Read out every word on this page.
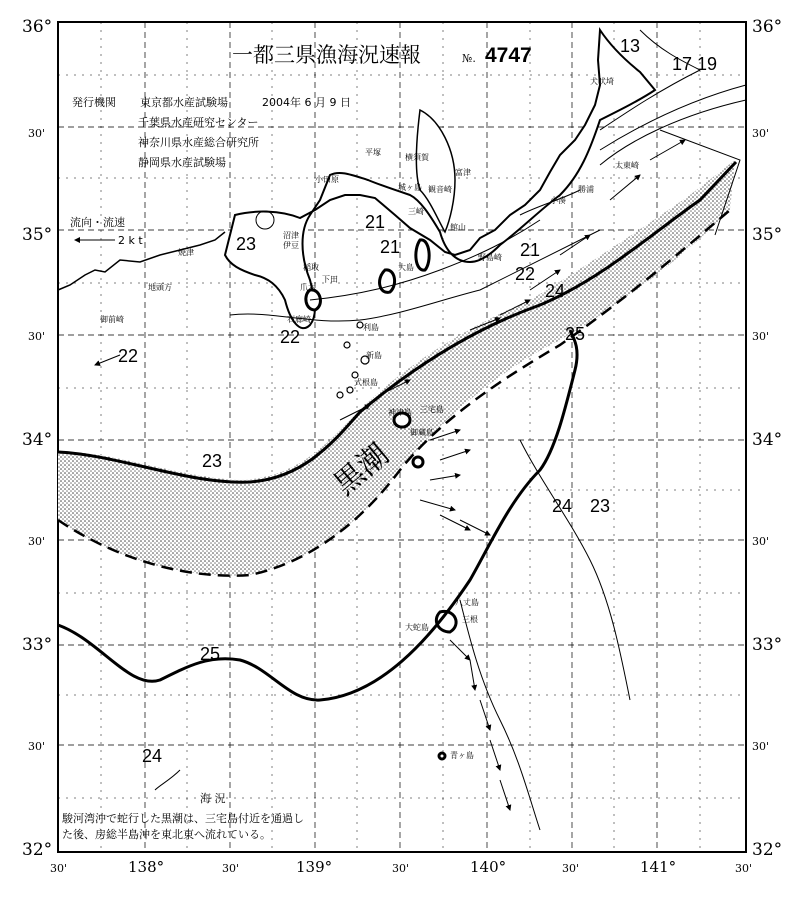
36°
30'
35°
30'
34°
30'
33°
30'
32°
36°
30'
35°
30'
34°
30'
33°
30'
32°
30'	138°	30'	139°	30'	140°	30'	141°	30'
一都三県漁海況速報	№. 4747
発行機関 東京都水産試験場	2004年 6 月 9 日
千葉県水産研究センター
神奈川県水産総合研究所
静岡県水産試験場
流向・流速
2 k t
黒潮
13
17 19
21
21	21
22
22
22
23
23
23
24
24
24
25
25
犬吠埼
太東崎
勝浦
小湊
富津
平塚
横須賀
観音崎
城ヶ島
三崎
館山
野島崎
小田原
沼津
伊豆
焼津
稲取
下田
爪木
石廊崎
大島
利島
新島
式根島
神津島 三宅島
御蔵島
八丈島
青ヶ島
地頭方
御前崎
大蛇島
三根
海 況
駿河湾沖で蛇行した黒潮は、三宅島付近を通過し
た後、房総半島沖を東北東へ流れている。
